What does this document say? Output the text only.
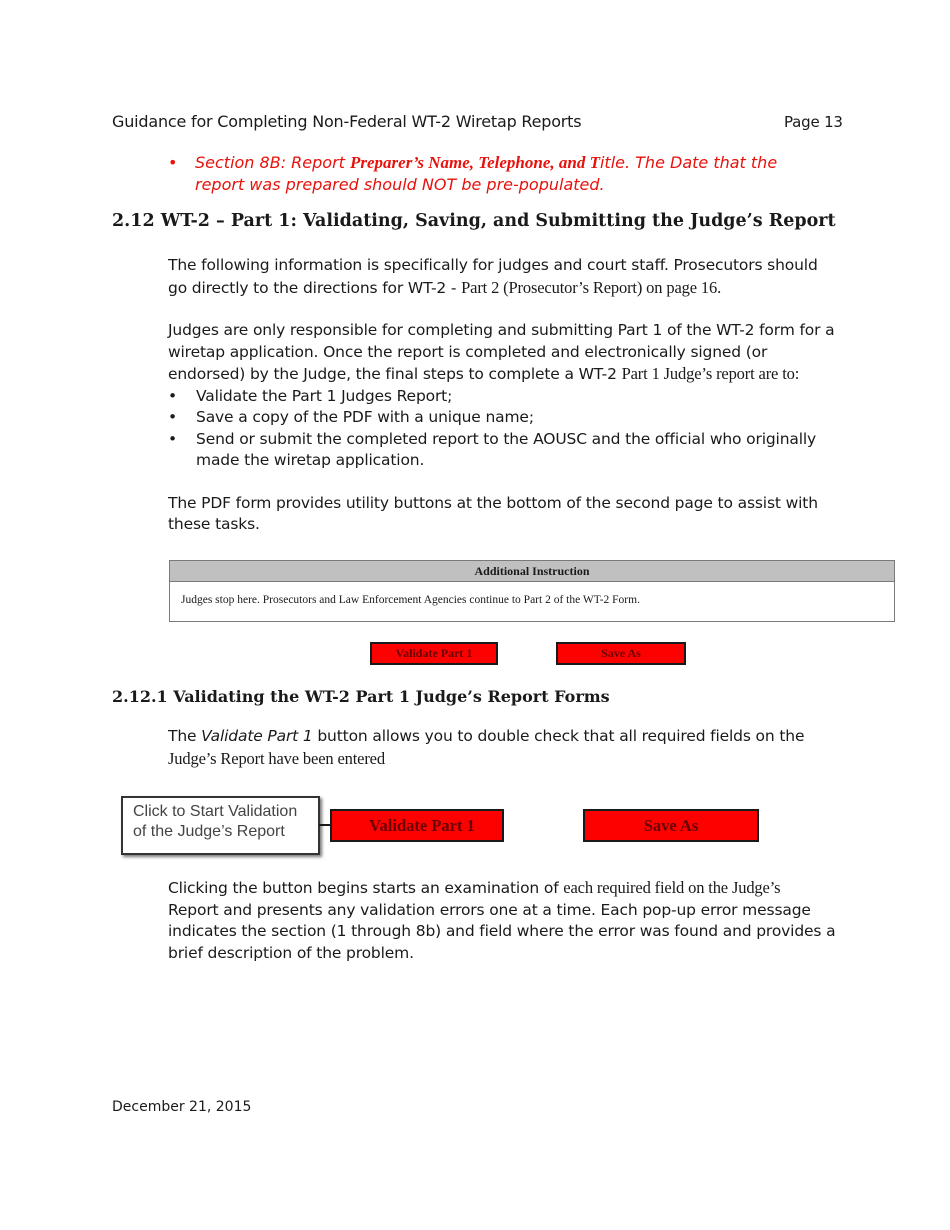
Guidance for Completing Non-Federal WT-2 Wiretap Reports	Page 13
•	Section 8B: Report Preparer’s Name, Telephone, and Title. The Date that the
report was prepared should NOT be pre-populated.
2.12 WT-2 – Part 1: Validating, Saving, and Submitting the Judge’s Report

The following information is specifically for judges and court staff. Prosecutors should go directly to the directions for WT-2 - Part 2 (Prosecutor’s Report) on page 16.

Judges are only responsible for completing and submitting Part 1 of the WT-2 form for a wiretap application. Once the report is completed and electronically signed (or endorsed) by the Judge, the final steps to complete a WT-2 Part 1 Judge’s report are to:

• Validate the Part 1 Judges Report;
• Save a copy of the PDF with a unique name;
• Send or submit the completed report to the AOUSC and the official who originally made the wiretap application.

The PDF form provides utility buttons at the bottom of the second page to assist with these tasks.

Additional Instruction
Judges stop here. Prosecutors and Law Enforcement Agencies continue to Part 2 of the WT-2 Form.
Validate Part 1	Save As
2.12.1 Validating the WT-2 Part 1 Judge’s Report Forms
The Validate Part 1 button allows you to double check that all required fields on the
Judge’s Report have been entered
Click to Start Validation
of the Judge’s Report	Validate Part 1	Save As
Clicking the button begins starts an examination of each required field on the Judge’s
Report and presents any validation errors one at a time. Each pop-up error message indicates the section (1 through 8b) and field where the error was found and provides a brief description of the problem.
December 21, 2015
